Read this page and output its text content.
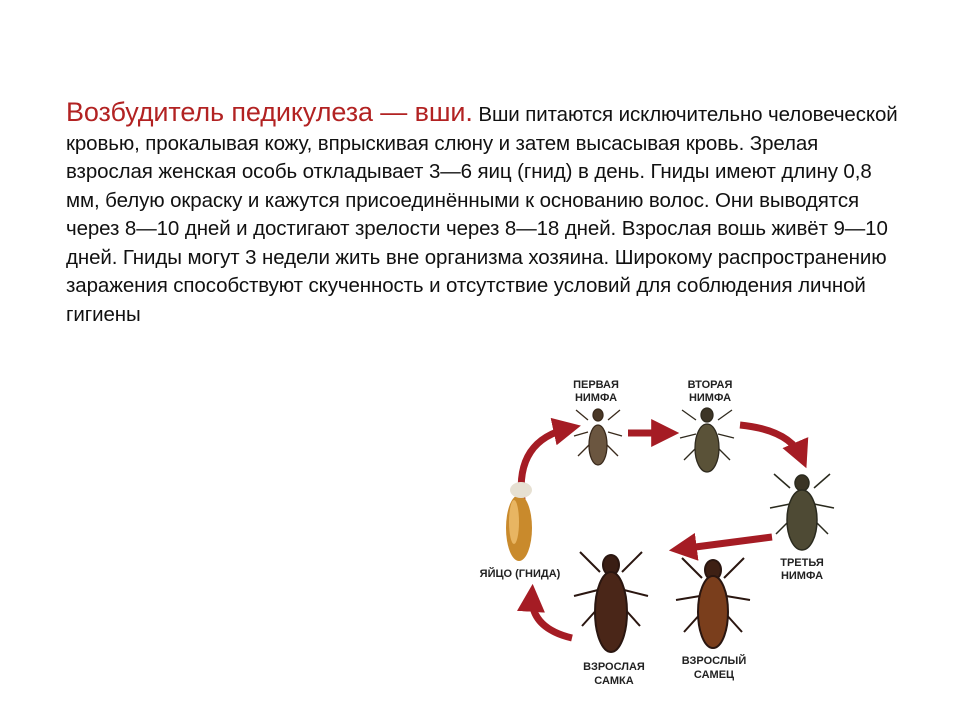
Возбудитель педикулеза — вши. Вши питаются исключительно человеческой кровью, прокалывая кожу, впрыскивая слюну и затем высасывая кровь. Зрелая взрослая женская особь откладывает 3—6 яиц (гнид) в день. Гниды имеют длину 0,8 мм, белую окраску и кажутся присоединёнными к основанию волос. Они выводятся через 8—10 дней и достигают зрелости через 8—18 дней. Взрослая вошь живёт 9—10 дней. Гниды могут 3 недели жить вне организма хозяина. Широкому распространению заражения способствуют скученность и отсутствие условий для соблюдения личной гигиены
ПЕРВАЯ
НИМФА
ВТОРАЯ
НИМФА
ТРЕТЬЯ
НИМФА
ВЗРОСЛАЯ
САМКА
ВЗРОСЛЫЙ
САМЕЦ
ЯЙЦО (ГНИДА)
